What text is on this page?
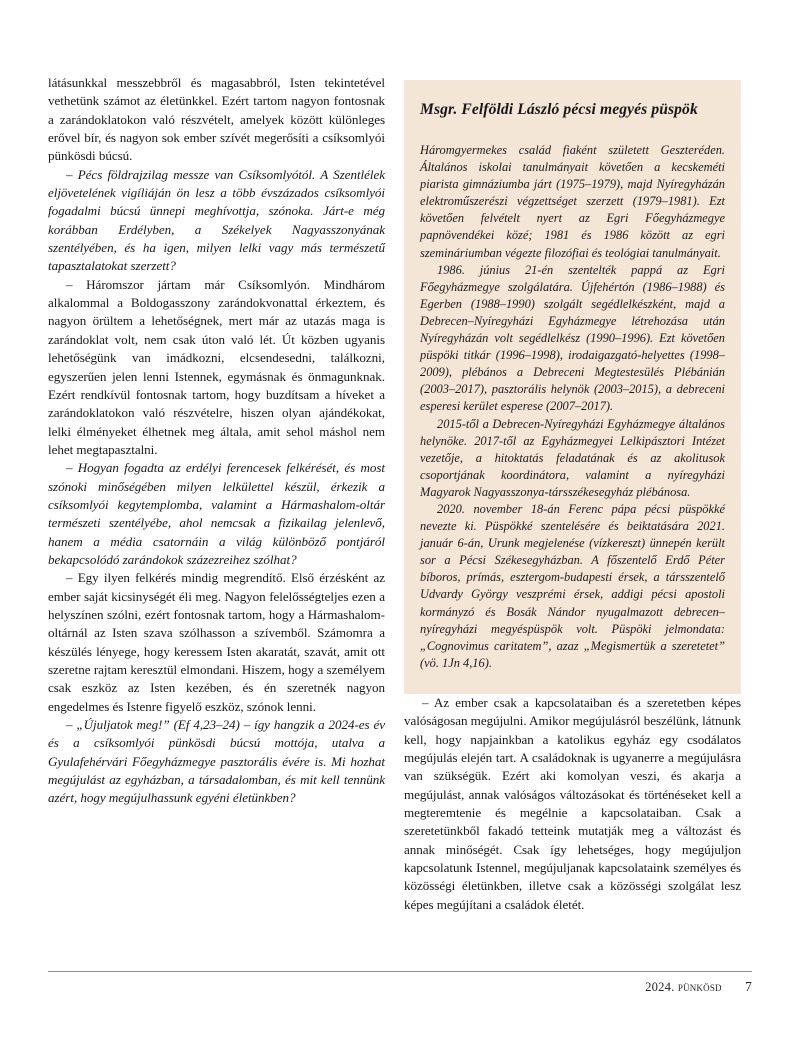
látásunkkal messzebbről és magasabbról, Isten tekintetével vethetünk számot az életünkkel. Ezért tartom nagyon fontosnak a zarándoklatokon való részvételt, amelyek között különleges erővel bír, és nagyon sok ember szívét megerősíti a csíksomlyói pünkösdi búcsú.

– Pécs földrajzilag messze van Csíksomlyótól. A Szentlélek eljövetelének vigíliáján ön lesz a több évszázados csíksomlyói fogadalmi búcsú ünnepi meghívottja, szónoka. Járt-e még korábban Erdélyben, a Székelyek Nagyasszonyának szentélyében, és ha igen, milyen lelki vagy más természetű tapasztalatokat szerzett?

– Háromszor jártam már Csíksomlyón. Mindhárom alkalommal a Boldogasszony zarándokvonattal érkeztem, és nagyon örültem a lehetőségnek, mert már az utazás maga is zarándoklat volt, nem csak úton való lét. Út közben ugyanis lehetőségünk van imádkozni, elcsendesedni, találkozni, egyszerűen jelen lenni Istennek, egymásnak és önmagunknak. Ezért rendkívül fontosnak tartom, hogy buzdítsam a híveket a zarándoklatokon való részvételre, hiszen olyan ajándékokat, lelki élményeket élhetnek meg általa, amit sehol máshol nem lehet megtapasztalni.

– Hogyan fogadta az erdélyi ferencesek felkérését, és most szónoki minőségében milyen lelkülettel készül, érkezik a csíksomlyói kegytemplomba, valamint a Hármashalom-oltár természeti szentélyébe, ahol nemcsak a fizikailag jelenlevő, hanem a média csatornáin a világ különböző pontjáról bekapcsolódó zarándokok százezreihez szólhat?

– Egy ilyen felkérés mindig megrendítő. Első érzésként az ember saját kicsinységét éli meg. Nagyon felelősségteljes ezen a helyszínen szólni, ezért fontosnak tartom, hogy a Hármashalom-oltárnál az Isten szava szólhasson a szívemből. Számomra a készülés lényege, hogy keressem Isten akaratát, szavát, amit ott szeretne rajtam keresztül elmondani. Hiszem, hogy a személyem csak eszköz az Isten kezében, és én szeretnék nagyon engedelmes és Istenre figyelő eszköz, szónok lenni.

– „Újuljatok meg!” (Ef 4,23–24) – így hangzik a 2024-es év és a csíksomlyói pünkösdi búcsú mottója, utalva a Gyulafehérvári Főegyházmegye pasztorális évére is. Mi hozhat megújulást az egyházban, a társadalomban, és mit kell tennünk azért, hogy megújulhassunk egyéni életünkben?

– Az ember csak a kapcsolataiban és a szeretetben képes valóságosan megújulni. Amikor megújulásról beszélünk, látnunk kell, hogy napjainkban a katolikus egyház egy csodálatos megújulás elején tart. A családoknak is ugyanerre a megújulásra van szükségük. Ezért aki komolyan veszi, és akarja a megújulást, annak valóságos változásokat és történéseket kell a megteremtenie és megélnie a kapcsolataiban. Csak a szeretetünkből fakadó tetteink mutatják meg a változást és annak minőségét. Csak így lehetséges, hogy megújuljon kapcsolatunk Istennel, megújuljanak kapcsolataink személyes és közösségi életünkben, illetve csak a közösségi szolgálat lesz képes megújítani a családok életét.

Msgr. Felföldi László pécsi megyés püspök

Háromgyermekes család fiaként született Geszteréden. Általános iskolai tanulmányait követően a kecskeméti piarista gimnáziumba járt (1975–1979), majd Nyíregyházán elektroműszerészi végzettséget szerzett (1979–1981). Ezt követően felvételt nyert az Egri Főegyházmegye papnövendékei közé; 1981 és 1986 között az egri szemináriumban végezte filozófiai és teológiai tanulmányait.

1986. június 21-én szentelték pappá az Egri Főegyházmegye szolgálatára. Újfehértón (1986–1988) és Egerben (1988–1990) szolgált segédlelkészként, majd a Debrecen–Nyíregyházi Egyházmegye létrehozása után Nyíregyházán volt segédlelkész (1990–1996). Ezt követően püspöki titkár (1996–1998), irodaigazgató-helyettes (1998–2009), plébános a Debreceni Megtestesülés Plébánián (2003–2017), pasztorális helynök (2003–2015), a debreceni esperesi kerület esperese (2007–2017).

2015-től a Debrecen-Nyíregyházi Egyházmegye általános helynöke. 2017-től az Egyházmegyei Lelkipásztori Intézet vezetője, a hitoktatás feladatának és az akolitusok csoportjának koordinátora, valamint a nyíregyházi Magyarok Nagyasszonya-társszékesegyház plébánosa.

2020. november 18-án Ferenc pápa pécsi püspökké nevezte ki. Püspökké szentelésére és beiktatására 2021. január 6-án, Urunk megjelenése (vízkereszt) ünnepén került sor a Pécsi Székesegyházban. A főszentelő Erdő Péter bíboros, prímás, esztergom-budapesti érsek, a társszentelő Udvardy György veszprémi érsek, addigi pécsi apostoli kormányzó és Bosák Nándor nyugalmazott debrecen–nyíregyházi megyéspüspök volt. Püspöki jelmondata: „Cognovimus caritatem”, azaz „Megismertük a szeretetet” (vö. 1Jn 4,16).

2024. pünkösd 7
